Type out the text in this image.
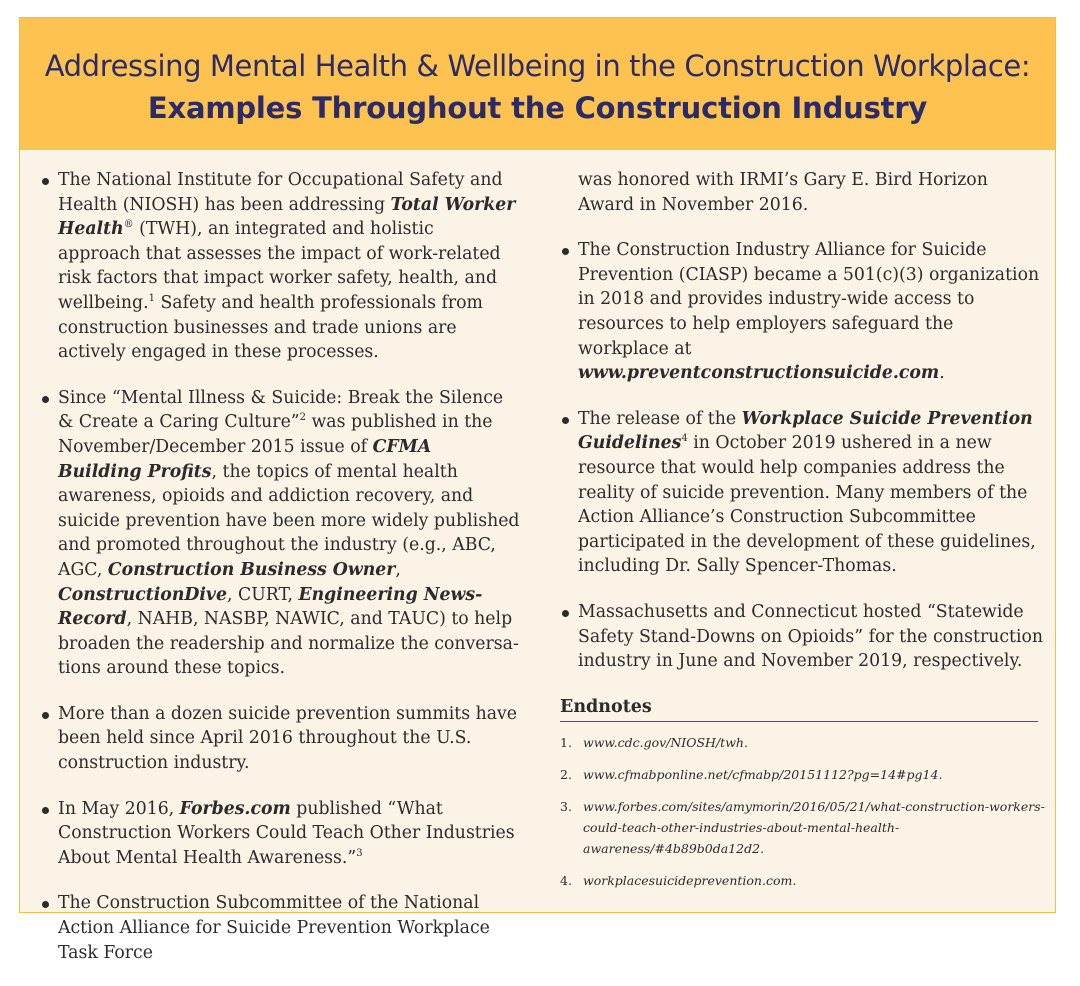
Addressing Mental Health & Wellbeing in the Construction Workplace:
Examples Throughout the Construction Industry
The National Institute for Occupational Safety and Health (NIOSH) has been addressing Total Worker Health® (TWH), an integrated and holistic approach that assesses the impact of work-related risk factors that impact worker safety, health, and wellbeing.$^1$ Safety and health professionals from construction businesses and trade unions are actively engaged in these processes.
Since “Mental Illness & Suicide: Break the Silence & Create a Caring Culture”$^2$ was published in the November/December 2015 issue of CFMA Building Profits, the topics of mental health awareness, opioids and addiction recovery, and suicide prevention have been more widely published and promoted throughout the industry (e.g., ABC, AGC, Construction Business Owner, ConstructionDive, CURT, Engineering News-Record, NAHB, NASBP, NAWIC, and TAUC) to help broaden the readership and normalize the conversations around these topics.
More than a dozen suicide prevention summits have been held since April 2016 throughout the U.S. construction industry.
In May 2016, Forbes.com published “What Construction Workers Could Teach Other Industries About Mental Health Awareness.”$^3$
The Construction Subcommittee of the National Action Alliance for Suicide Prevention Workplace Task Force
was honored with IRMI’s Gary E. Bird Horizon Award in November 2016.
The Construction Industry Alliance for Suicide Prevention (CIASP) became a 501(c)(3) organization in 2018 and provides industry-wide access to resources to help employers safeguard the workplace at www.preventconstructionsuicide.com.
The release of the Workplace Suicide Prevention Guidelines$^4$ in October 2019 ushered in a new resource that would help companies address the reality of suicide prevention. Many members of the Action Alliance’s Construction Subcommittee participated in the development of these guidelines, including Dr. Sally Spencer-Thomas.
Massachusetts and Connecticut hosted “Statewide Safety Stand-Downs on Opioids” for the construction industry in June and November 2019, respectively.
Endnotes
1. www.cdc.gov/NIOSH/twh.
2. www.cfmabponline.net/cfmabp/20151112?pg=14#pg14.
3. www.forbes.com/sites/amymorin/2016/05/21/what-construction-workers-could-teach-other-industries-about-mental-health-awareness/#4b89b0da12d2.
4. workplacesuicideprevention.com.
